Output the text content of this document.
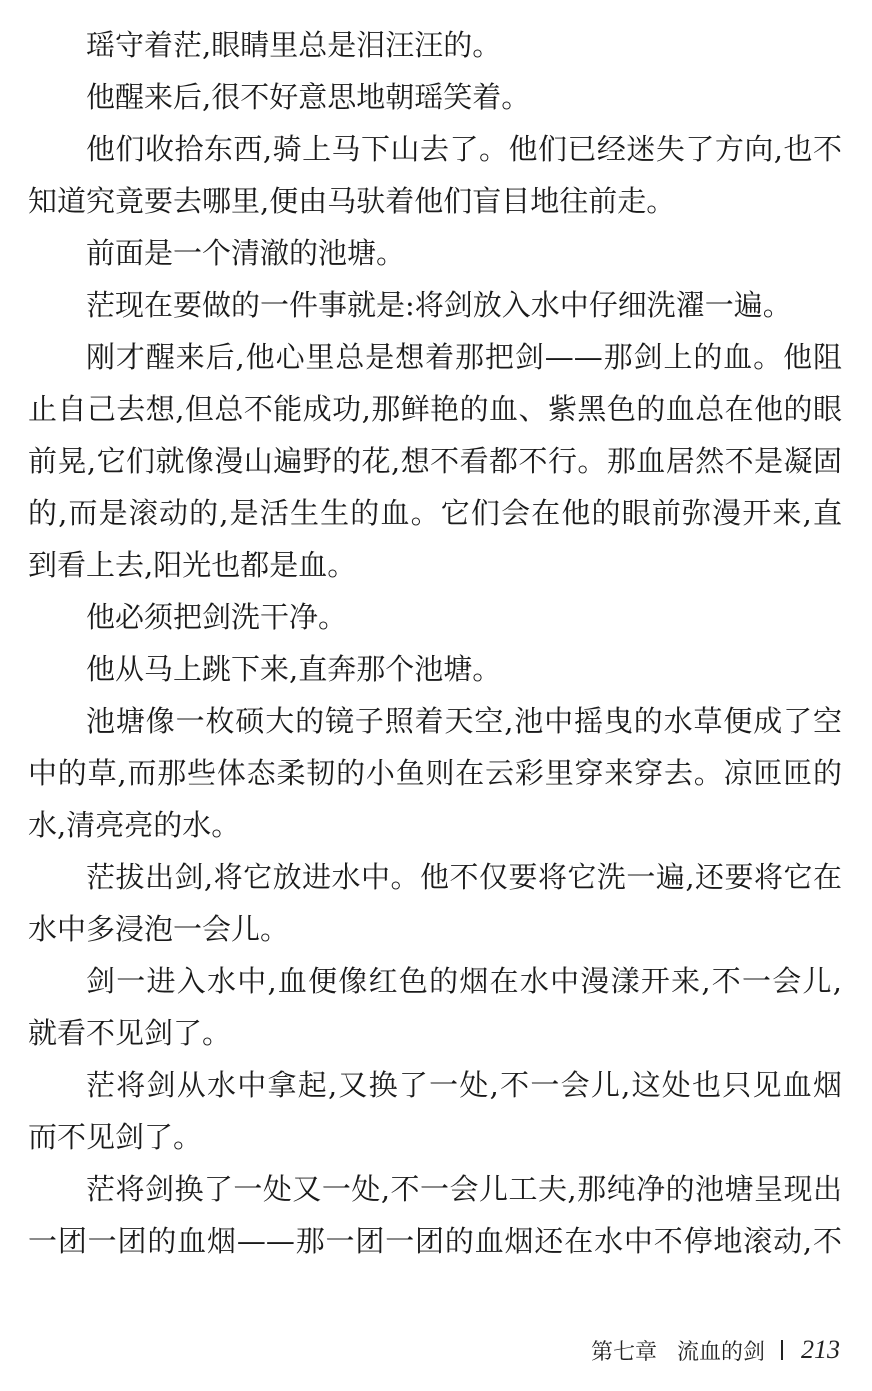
瑶守着茫,眼睛里总是泪汪汪的。
他醒来后,很不好意思地朝瑶笑着。
他们收拾东西,骑上马下山去了。他们已经迷失了方向,也不
知道究竟要去哪里,便由马驮着他们盲目地往前走。
前面是一个清澈的池塘。
茫现在要做的一件事就是:将剑放入水中仔细洗濯一遍。
刚才醒来后,他心里总是想着那把剑——那剑上的血。他阻
止自己去想,但总不能成功,那鲜艳的血、紫黑色的血总在他的眼
前晃,它们就像漫山遍野的花,想不看都不行。那血居然不是凝固
的,而是滚动的,是活生生的血。它们会在他的眼前弥漫开来,直
到看上去,阳光也都是血。
他必须把剑洗干净。
他从马上跳下来,直奔那个池塘。
池塘像一枚硕大的镜子照着天空,池中摇曳的水草便成了空
中的草,而那些体态柔韧的小鱼则在云彩里穿来穿去。凉匝匝的
水,清亮亮的水。
茫拔出剑,将它放进水中。他不仅要将它洗一遍,还要将它在
水中多浸泡一会儿。
剑一进入水中,血便像红色的烟在水中漫漾开来,不一会儿,
就看不见剑了。
茫将剑从水中拿起,又换了一处,不一会儿,这处也只见血烟
而不见剑了。
茫将剑换了一处又一处,不一会儿工夫,那纯净的池塘呈现出
一团一团的血烟——那一团一团的血烟还在水中不停地滚动,不
第七章 流血的剑 213
